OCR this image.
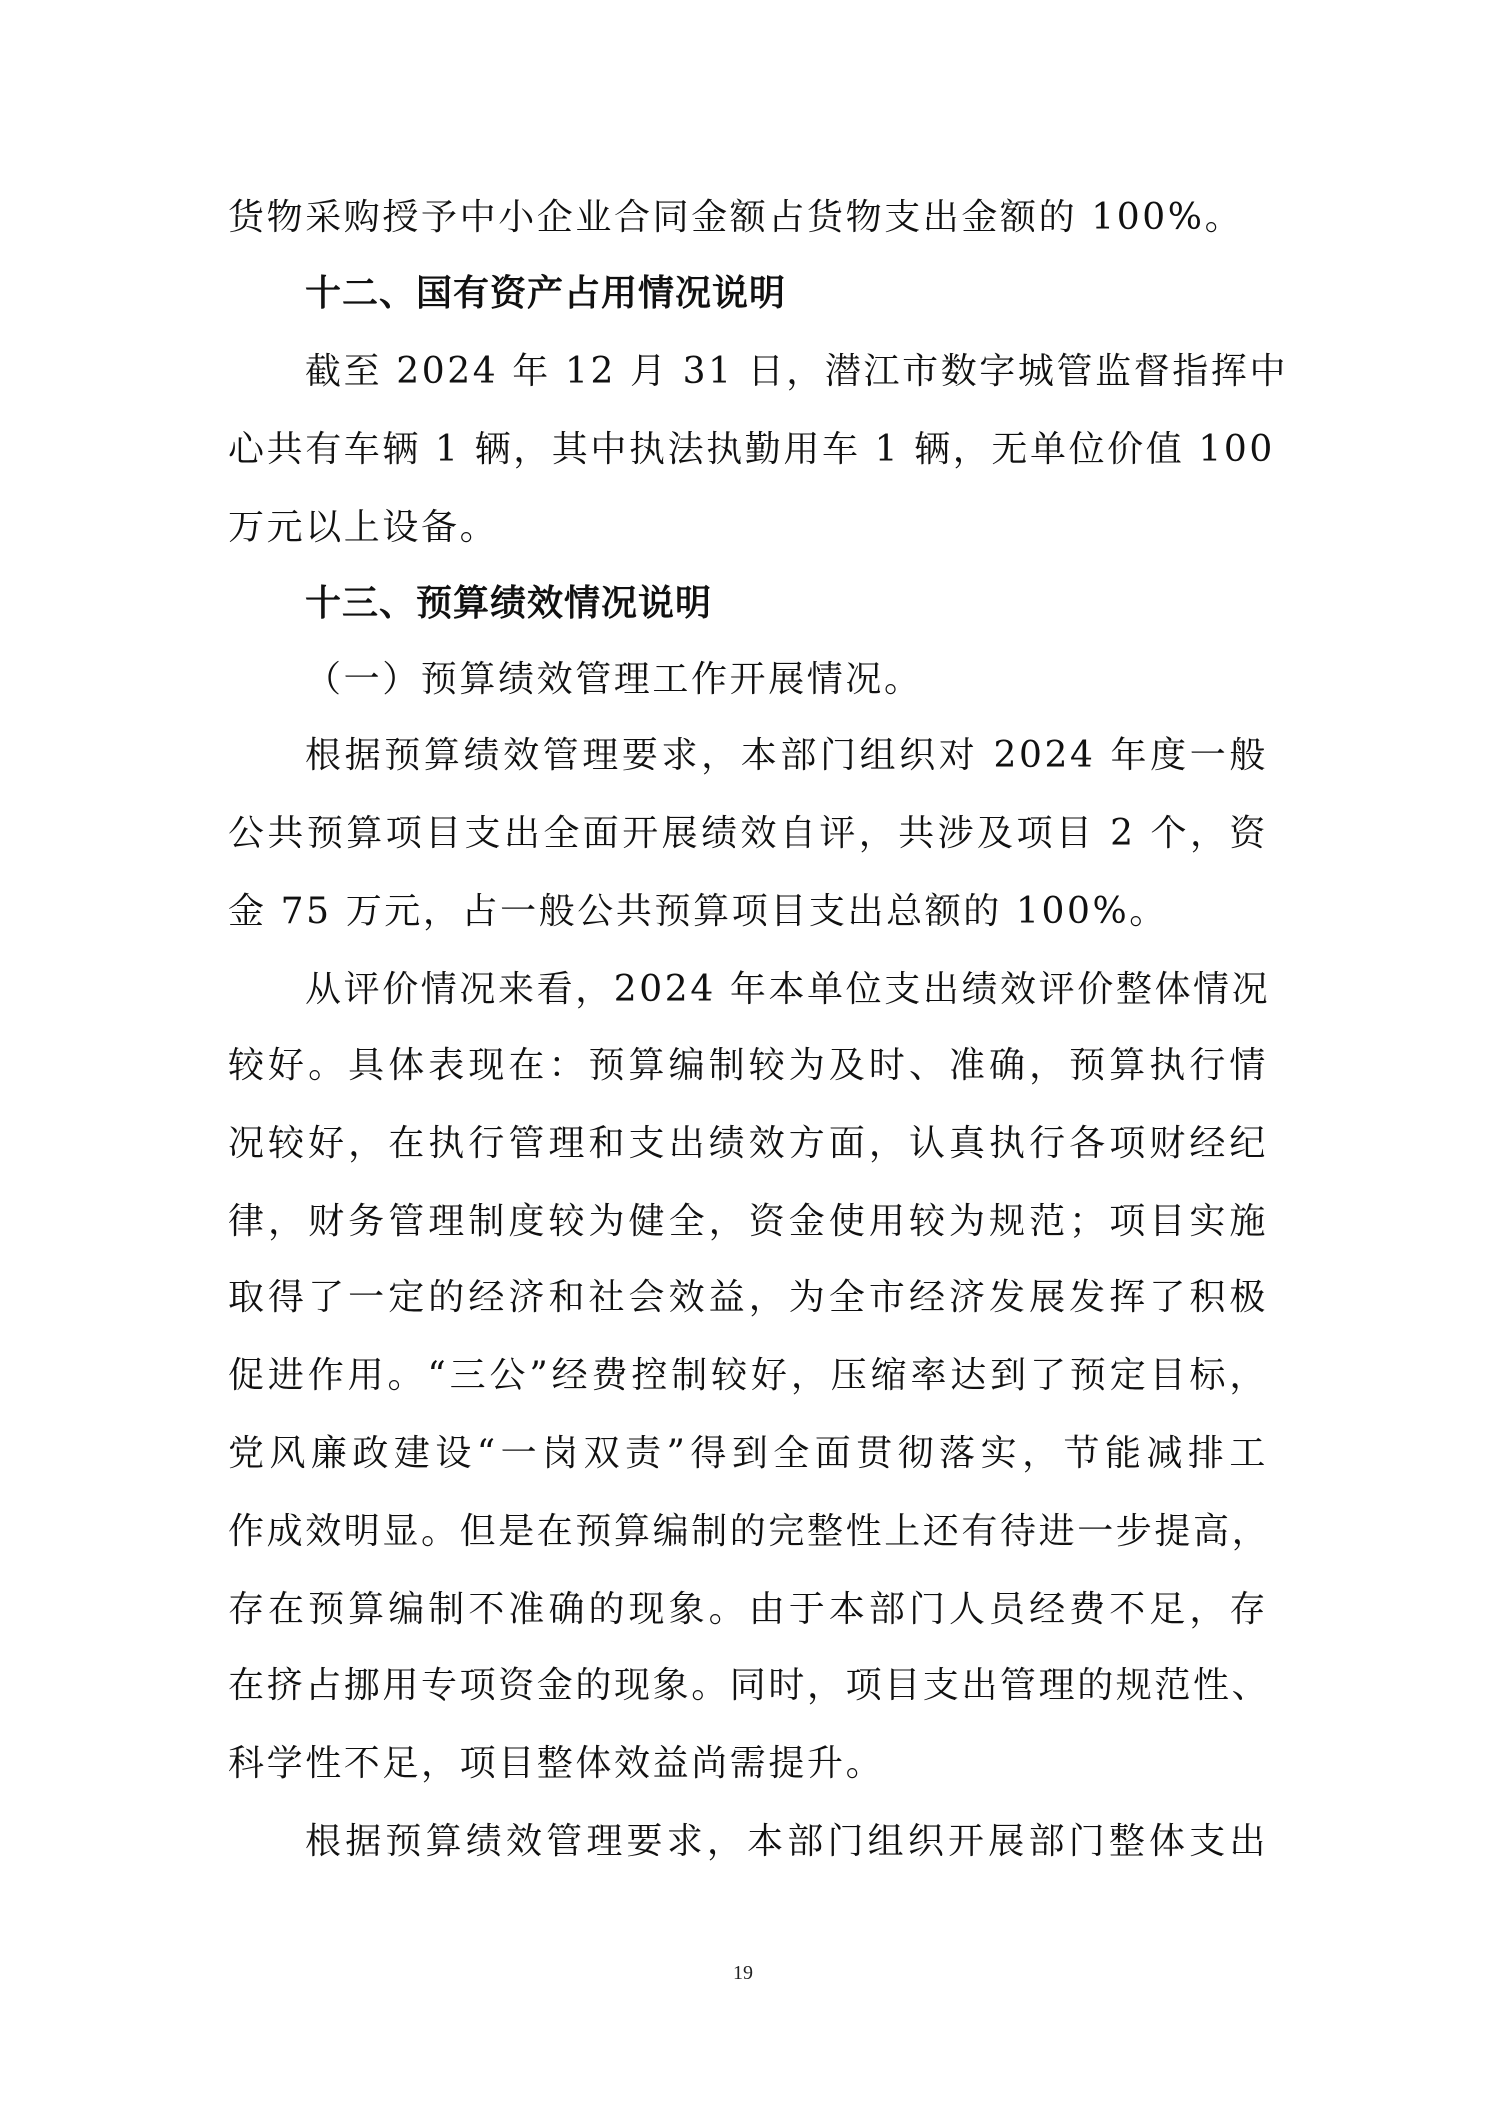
货物采购授予中小企业合同金额占货物支出金额的 100%。
十二、国有资产占用情况说明
截至 2024 年 12 月 31 日，潜江市数字城管监督指挥中
心共有车辆 1 辆，其中执法执勤用车 1 辆，无单位价值 100
万元以上设备。
十三、预算绩效情况说明
（一）预算绩效管理工作开展情况。
根据预算绩效管理要求，本部门组织对 2024 年度一般
公共预算项目支出全面开展绩效自评，共涉及项目 2 个，资
金 75 万元，占一般公共预算项目支出总额的 100%。
从评价情况来看，2024 年本单位支出绩效评价整体情况
较好。具体表现在：预算编制较为及时、准确，预算执行情
况较好，在执行管理和支出绩效方面，认真执行各项财经纪
律，财务管理制度较为健全，资金使用较为规范；项目实施
取得了一定的经济和社会效益，为全市经济发展发挥了积极
促进作用。“三公”经费控制较好，压缩率达到了预定目标，
党风廉政建设“一岗双责”得到全面贯彻落实，节能减排工
作成效明显。但是在预算编制的完整性上还有待进一步提高，
存在预算编制不准确的现象。由于本部门人员经费不足，存
在挤占挪用专项资金的现象。同时，项目支出管理的规范性、
科学性不足，项目整体效益尚需提升。
根据预算绩效管理要求，本部门组织开展部门整体支出
19
